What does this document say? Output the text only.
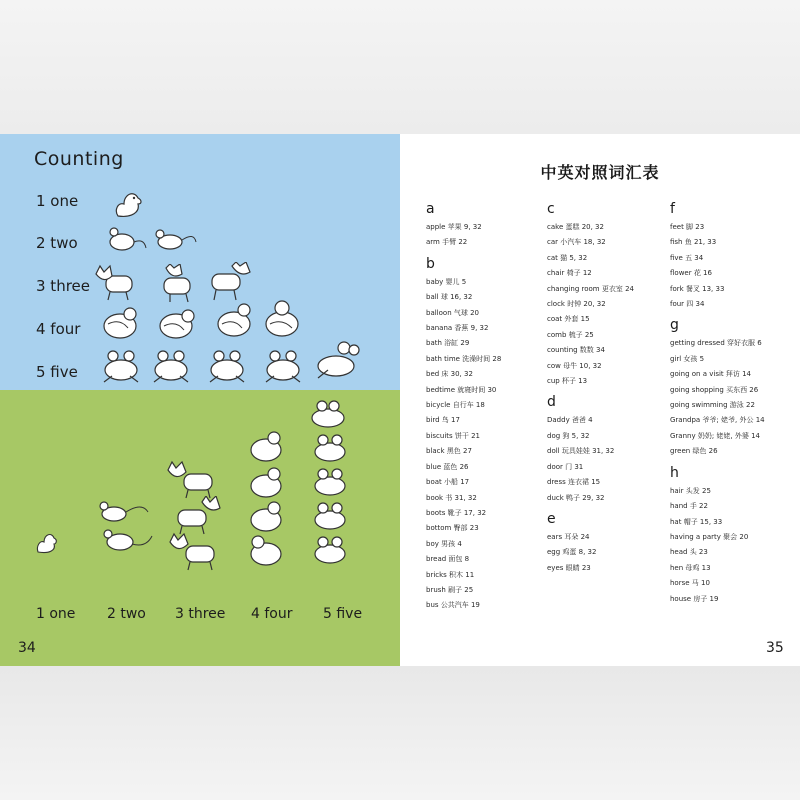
Counting
1 one
2 two
3 three
4 four
5 five
1 one 2 two 3 three 4 four 5 five
34
中英对照词汇表
a
apple 苹果 9, 32
arm 手臂 22
b
baby 婴儿 5
ball 球 16, 32
balloon 气球 20
banana 香蕉 9, 32
bath 浴缸 29
bath time 洗澡时间 28
bed 床 30, 32
bedtime 就寝时间 30
bicycle 自行车 18
bird 鸟 17
biscuits 饼干 21
black 黑色 27
blue 蓝色 26
boat 小船 17
book 书 31, 32
boots 靴子 17, 32
bottom 臀部 23
boy 男孩 4
bread 面包 8
bricks 积木 11
brush 刷子 25
bus 公共汽车 19
c
cake 蛋糕 20, 32
car 小汽车 18, 32
cat 猫 5, 32
chair 椅子 12
changing room 更衣室 24
clock 时钟 20, 32
coat 外套 15
comb 梳子 25
counting 数数 34
cow 母牛 10, 32
cup 杯子 13
d
Daddy 爸爸 4
dog 狗 5, 32
doll 玩具娃娃 31, 32
door 门 31
dress 连衣裙 15
duck 鸭子 29, 32
e
ears 耳朵 24
egg 鸡蛋 8, 32
eyes 眼睛 23
f
feet 脚 23
fish 鱼 21, 33
five 五 34
flower 花 16
fork 餐叉 13, 33
four 四 34
g
getting dressed 穿好衣服 6
girl 女孩 5
going on a visit 拜访 14
going shopping 买东西 26
going swimming 游泳 22
Grandpa 爷爷; 姥爷, 外公 14
Granny 奶奶; 姥姥, 外婆 14
green 绿色 26
h
hair 头发 25
hand 手 22
hat 帽子 15, 33
having a party 聚会 20
head 头 23
hen 母鸡 13
horse 马 10
house 房子 19
35
